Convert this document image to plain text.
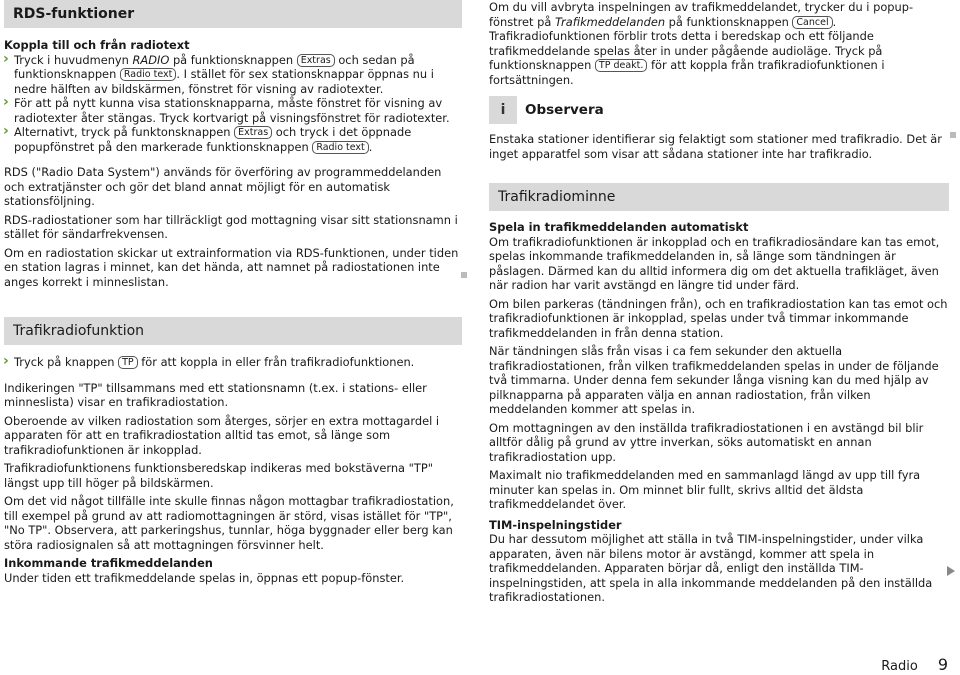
RDS-funktioner

Koppla till och från radiotext

› Tryck i huvudmenyn RADIO på funktionsknappen Extras och sedan på funktionsknappen Radio text . I stället för sex stationsknappar öppnas nu i nedre hälften av bildskärmen, fönstret för visning av radiotexter.

› För att på nytt kunna visa stationsknapparna, måste fönstret för visning av radiotexter åter stängas. Tryck kortvarigt på visningsfönstret för radiotexter.

› Alternativt, tryck på funktonsknappen Extras och tryck i det öppnade popupfönstret på den markerade funktionsknappen Radio text .

RDS ("Radio Data System") används för överföring av programmeddelanden och extratjänster och gör det bland annat möjligt för en automatisk stationsföljning.

RDS-radiostationer som har tillräckligt god mottagning visar sitt stationsnamn i stället för sändarfrekvensen.

Om en radiostation skickar ut extrainformation via RDS-funktionen, under tiden en station lagras i minnet, kan det hända, att namnet på radiostationen inte anges korrekt i minneslistan.

Trafikradiofunktion

› Tryck på knappen TP för att koppla in eller från trafikradiofunktionen.

Indikeringen "TP" tillsammans med ett stationsnamn (t.ex. i stations- eller minneslista) visar en trafikradiostation.

Oberoende av vilken radiostation som återges, sörjer en extra mottagardel i apparaten för att en trafikradiostation alltid tas emot, så länge som trafikradiofunktionen är inkopplad.

Trafikradiofunktionens funktionsberedskap indikeras med bokstäverna "TP" längst upp till höger på bildskärmen.

Om det vid något tillfälle inte skulle finnas någon mottagbar trafikradiostation, till exempel på grund av att radiomottagningen är störd, visas istället för "TP", "No TP". Observera, att parkeringshus, tunnlar, höga byggnader eller berg kan störa radiosignalen så att mottagningen försvinner helt.

Inkommande trafikmeddelanden

Under tiden ett trafikmeddelande spelas in, öppnas ett popup-fönster.

Om du vill avbryta inspelningen av trafikmeddelandet, trycker du i popup-fönstret på Trafikmeddelanden på funktionsknappen Cancel . Trafikradiofunktionen förblir trots detta i beredskap och ett följande trafikmeddelande spelas åter in under pågående audioläge. Tryck på funktionsknappen TP deakt. för att koppla från trafikradiofunktionen i fortsättningen.

i Observera

Enstaka stationer identifierar sig felaktigt som stationer med trafikradio. Det är inget apparatfel som visar att sådana stationer inte har trafikradio.

Trafikradiominne

Spela in trafikmeddelanden automatiskt

Om trafikradiofunktionen är inkopplad och en trafikradiosändare kan tas emot, spelas inkommande trafikmeddelanden in, så länge som tändningen är påslagen. Därmed kan du alltid informera dig om det aktuella trafikläget, även när radion har varit avstängd en längre tid under färd.

Om bilen parkeras (tändningen från), och en trafikradiostation kan tas emot och trafikradiofunktionen är inkopplad, spelas under två timmar inkommande trafikmeddelanden in från denna station.

När tändningen slås från visas i ca fem sekunder den aktuella trafikradiostationen, från vilken trafikmeddelanden spelas in under de följande två timmarna. Under denna fem sekunder långa visning kan du med hjälp av pilknapparna på apparaten välja en annan radiostation, från vilken meddelanden kommer att spelas in.

Om mottagningen av den inställda trafikradiostationen i en avstängd bil blir alltför dålig på grund av yttre inverkan, söks automatiskt en annan trafikradiostation upp.

Maximalt nio trafikmeddelanden med en sammanlagd längd av upp till fyra minuter kan spelas in. Om minnet blir fullt, skrivs alltid det äldsta trafikmeddelandet över.

TIM-inspelningstider

Du har dessutom möjlighet att ställa in två TIM-inspelningstider, under vilka apparaten, även när bilens motor är avstängd, kommer att spela in trafikmeddelanden. Apparaten börjar då, enligt den inställda TIM-inspelningstiden, att spela in alla inkommande meddelanden på den inställda trafikradiostationen.

Radio 9
